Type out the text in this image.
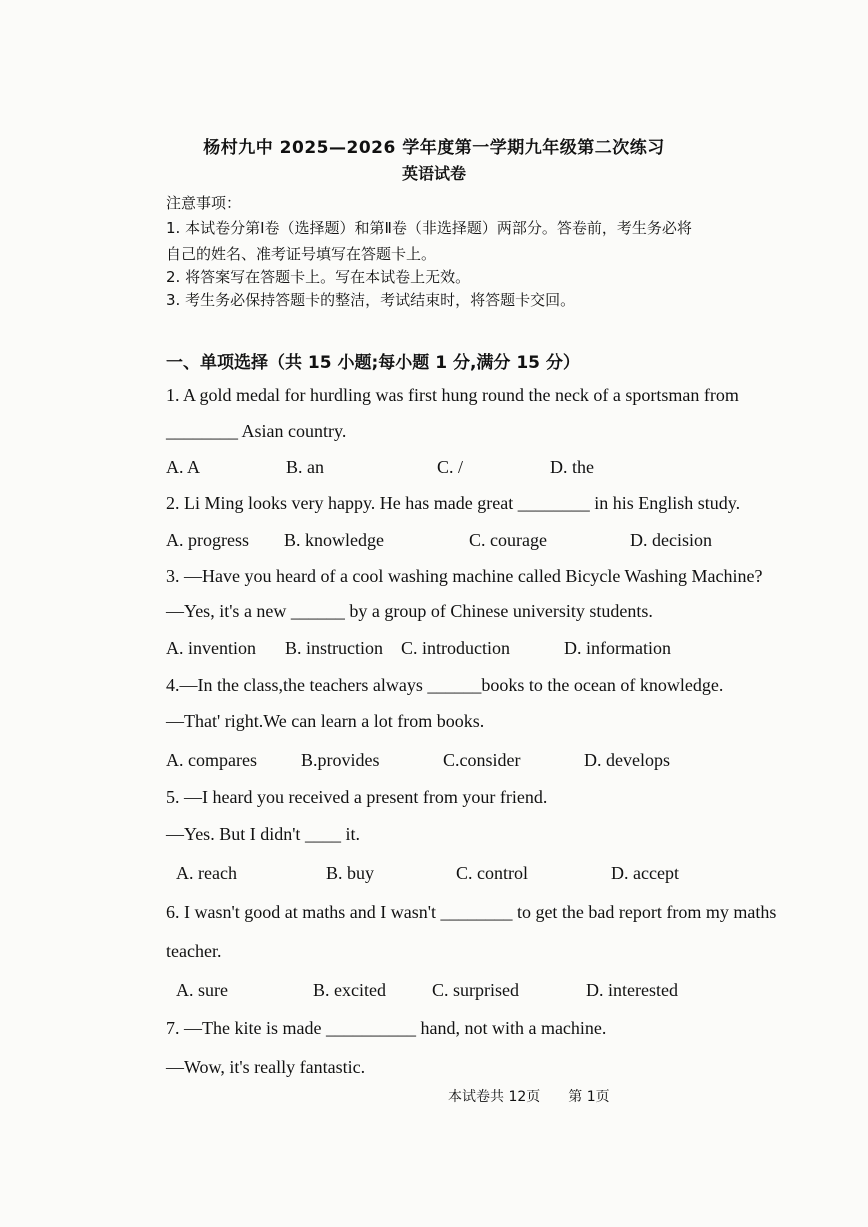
杨村九中 2025—2026 学年度第一学期九年级第二次练习
英语试卷
注意事项：
1. 本试卷分第Ⅰ卷（选择题）和第Ⅱ卷（非选择题）两部分。答卷前，考生务必将
自己的姓名、准考证号填写在答题卡上。
2. 将答案写在答题卡上。写在本试卷上无效。
3. 考生务必保持答题卡的整洁，考试结束时，将答题卡交回。
一、单项选择（共 15 小题;每小题 1 分,满分 15 分）
1. A gold medal for hurdling was first hung round the neck of a sportsman from
________ Asian country.
A. A	B. an	C. /	D. the
2. Li Ming looks very happy. He has made great ________ in his English study.
A. progress B. knowledge	C. courage	D. decision
3. —Have you heard of a cool washing machine called Bicycle Washing Machine?
—Yes, it's a new ______ by a group of Chinese university students.
A. invention B. instruction C. introduction	D. information
4.—In the class,the teachers always ______books to the ocean of knowledge.
—That' right.We can learn a lot from books.
A. compares B.provides	C.consider	D. develops
5. —I heard you received a present from your friend.
—Yes. But I didn't ____ it.
A. reach	B. buy	C. control	D. accept
6. I wasn't good at maths and I wasn't ________ to get the bad report from my maths
teacher.
A. sure	B. excited	C. surprised	D. interested
7. —The kite is made __________ hand, not with a machine.
—Wow, it's really fantastic.
本试卷共 12页 第 1页
